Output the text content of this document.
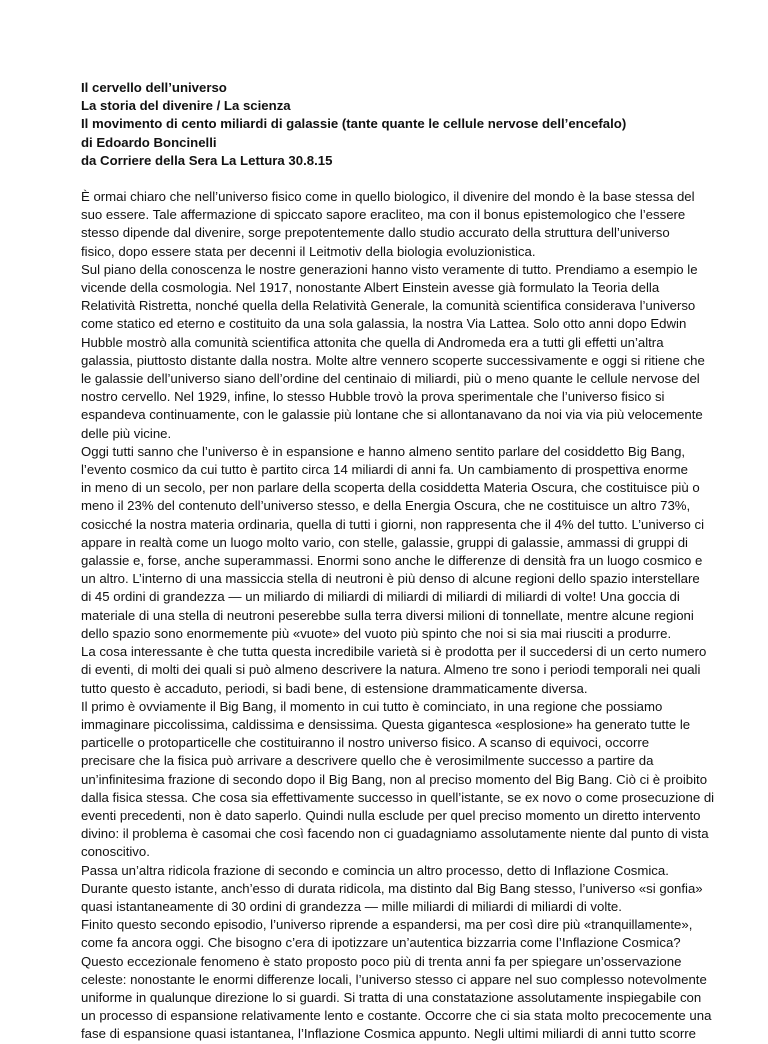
Il cervello dell’universo
La storia del divenire / La scienza
Il movimento di cento miliardi di galassie (tante quante le cellule nervose dell’encefalo)
di Edoardo Boncinelli
da Corriere della Sera La Lettura 30.8.15
È ormai chiaro che nell’universo fisico come in quello biologico, il divenire del mondo è la base stessa del
suo essere. Tale affermazione di spiccato sapore eracliteo, ma con il bonus epistemologico che l’essere
stesso dipende dal divenire, sorge prepotentemente dallo studio accurato della struttura dell’universo
fisico, dopo essere stata per decenni il Leitmotiv della biologia evoluzionistica.
Sul piano della conoscenza le nostre generazioni hanno visto veramente di tutto. Prendiamo a esempio le
vicende della cosmologia. Nel 1917, nonostante Albert Einstein avesse già formulato la Teoria della
Relatività Ristretta, nonché quella della Relatività Generale, la comunità scientifica considerava l’universo
come statico ed eterno e costituito da una sola galassia, la nostra Via Lattea. Solo otto anni dopo Edwin
Hubble mostrò alla comunità scientifica attonita che quella di Andromeda era a tutti gli effetti un’altra
galassia, piuttosto distante dalla nostra. Molte altre vennero scoperte successivamente e oggi si ritiene che
le galassie dell’universo siano dell’ordine del centinaio di miliardi, più o meno quante le cellule nervose del
nostro cervello. Nel 1929, infine, lo stesso Hubble trovò la prova sperimentale che l’universo fisico si
espandeva continuamente, con le galassie più lontane che si allontanavano da noi via via più velocemente
delle più vicine.
Oggi tutti sanno che l’universo è in espansione e hanno almeno sentito parlare del cosiddetto Big Bang,
l’evento cosmico da cui tutto è partito circa 14 miliardi di anni fa. Un cambiamento di prospettiva enorme
in meno di un secolo, per non parlare della scoperta della cosiddetta Materia Oscura, che costituisce più o
meno il 23% del contenuto dell’universo stesso, e della Energia Oscura, che ne costituisce un altro 73%,
cosicché la nostra materia ordinaria, quella di tutti i giorni, non rappresenta che il 4% del tutto. L’universo ci
appare in realtà come un luogo molto vario, con stelle, galassie, gruppi di galassie, ammassi di gruppi di
galassie e, forse, anche superammassi. Enormi sono anche le differenze di densità fra un luogo cosmico e
un altro. L’interno di una massiccia stella di neutroni è più denso di alcune regioni dello spazio interstellare
di 45 ordini di grandezza — un miliardo di miliardi di miliardi di miliardi di miliardi di volte! Una goccia di
materiale di una stella di neutroni peserebbe sulla terra diversi milioni di tonnellate, mentre alcune regioni
dello spazio sono enormemente più «vuote» del vuoto più spinto che noi si sia mai riusciti a produrre.
La cosa interessante è che tutta questa incredibile varietà si è prodotta per il succedersi di un certo numero
di eventi, di molti dei quali si può almeno descrivere la natura. Almeno tre sono i periodi temporali nei quali
tutto questo è accaduto, periodi, si badi bene, di estensione drammaticamente diversa.
Il primo è ovviamente il Big Bang, il momento in cui tutto è cominciato, in una regione che possiamo
immaginare piccolissima, caldissima e densissima. Questa gigantesca «esplosione» ha generato tutte le
particelle o protoparticelle che costituiranno il nostro universo fisico. A scanso di equivoci, occorre
precisare che la fisica può arrivare a descrivere quello che è verosimilmente successo a partire da
un’infinitesima frazione di secondo dopo il Big Bang, non al preciso momento del Big Bang. Ciò ci è proibito
dalla fisica stessa. Che cosa sia effettivamente successo in quell’istante, se ex novo o come prosecuzione di
eventi precedenti, non è dato saperlo. Quindi nulla esclude per quel preciso momento un diretto intervento
divino: il problema è casomai che così facendo non ci guadagniamo assolutamente niente dal punto di vista
conoscitivo.
Passa un’altra ridicola frazione di secondo e comincia un altro processo, detto di Inflazione Cosmica.
Durante questo istante, anch’esso di durata ridicola, ma distinto dal Big Bang stesso, l’universo «si gonfia»
quasi istantaneamente di 30 ordini di grandezza — mille miliardi di miliardi di miliardi di volte.
Finito questo secondo episodio, l’universo riprende a espandersi, ma per così dire più «tranquillamente»,
come fa ancora oggi. Che bisogno c’era di ipotizzare un’autentica bizzarria come l’Inflazione Cosmica?
Questo eccezionale fenomeno è stato proposto poco più di trenta anni fa per spiegare un’osservazione
celeste: nonostante le enormi differenze locali, l’universo stesso ci appare nel suo complesso notevolmente
uniforme in qualunque direzione lo si guardi. Si tratta di una constatazione assolutamente inspiegabile con
un processo di espansione relativamente lento e costante. Occorre che ci sia stata molto precocemente una
fase di espansione quasi istantanea, l’Inflazione Cosmica appunto. Negli ultimi miliardi di anni tutto scorre
